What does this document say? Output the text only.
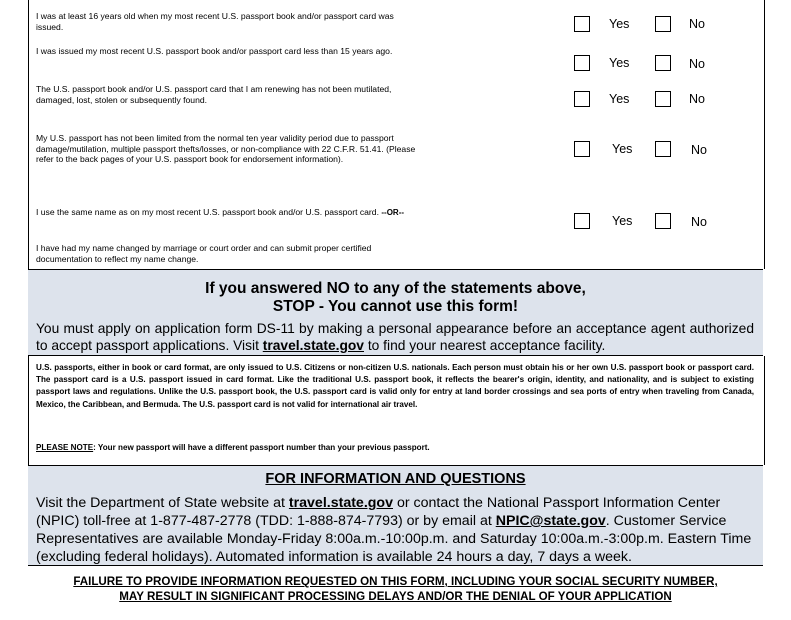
I was at least 16 years old when my most recent U.S. passport book and/or passport card was issued.	Yes	No
I was issued my most recent U.S. passport book and/or passport card less than 15 years ago.
Yes	No
The U.S. passport book and/or U.S. passport card that I am renewing has not been mutilated, damaged, lost, stolen or subsequently found.	Yes	No
My U.S. passport has not been limited from the normal ten year validity period due to passport damage/mutilation, multiple passport thefts/losses, or non-compliance with 22 C.F.R. 51.41. (Please refer to the back pages of your U.S. passport book for endorsement information).
Yes	No
I use the same name as on my most recent U.S. passport book and/or U.S. passport card. --OR--
I have had my name changed by marriage or court order and can submit proper certified documentation to reflect my name change.
Yes	No
If you answered NO to any of the statements above,
STOP - You cannot use this form!
You must apply on application form DS-11 by making a personal appearance before an acceptance agent authorized to accept passport applications. Visit travel.state.gov to find your nearest acceptance facility.
U.S. passports, either in book or card format, are only issued to U.S. Citizens or non-citizen U.S. nationals. Each person must obtain his or her own U.S. passport book or passport card. The passport card is a U.S. passport issued in card format. Like the traditional U.S. passport book, it reflects the bearer's origin, identity, and nationality, and is subject to existing passport laws and regulations. Unlike the U.S. passport book, the U.S. passport card is valid only for entry at land border crossings and sea ports of entry when traveling from Canada, Mexico, the Caribbean, and Bermuda. The U.S. passport card is not valid for international air travel.
PLEASE NOTE: Your new passport will have a different passport number than your previous passport.
FOR INFORMATION AND QUESTIONS
Visit the Department of State website at travel.state.gov or contact the National Passport Information Center (NPIC) toll-free at 1-877-487-2778 (TDD: 1-888-874-7793) or by email at NPIC@state.gov. Customer Service Representatives are available Monday-Friday 8:00a.m.-10:00p.m. and Saturday 10:00a.m.-3:00p.m. Eastern Time (excluding federal holidays). Automated information is available 24 hours a day, 7 days a week.
FAILURE TO PROVIDE INFORMATION REQUESTED ON THIS FORM, INCLUDING YOUR SOCIAL SECURITY NUMBER,
MAY RESULT IN SIGNIFICANT PROCESSING DELAYS AND/OR THE DENIAL OF YOUR APPLICATION
